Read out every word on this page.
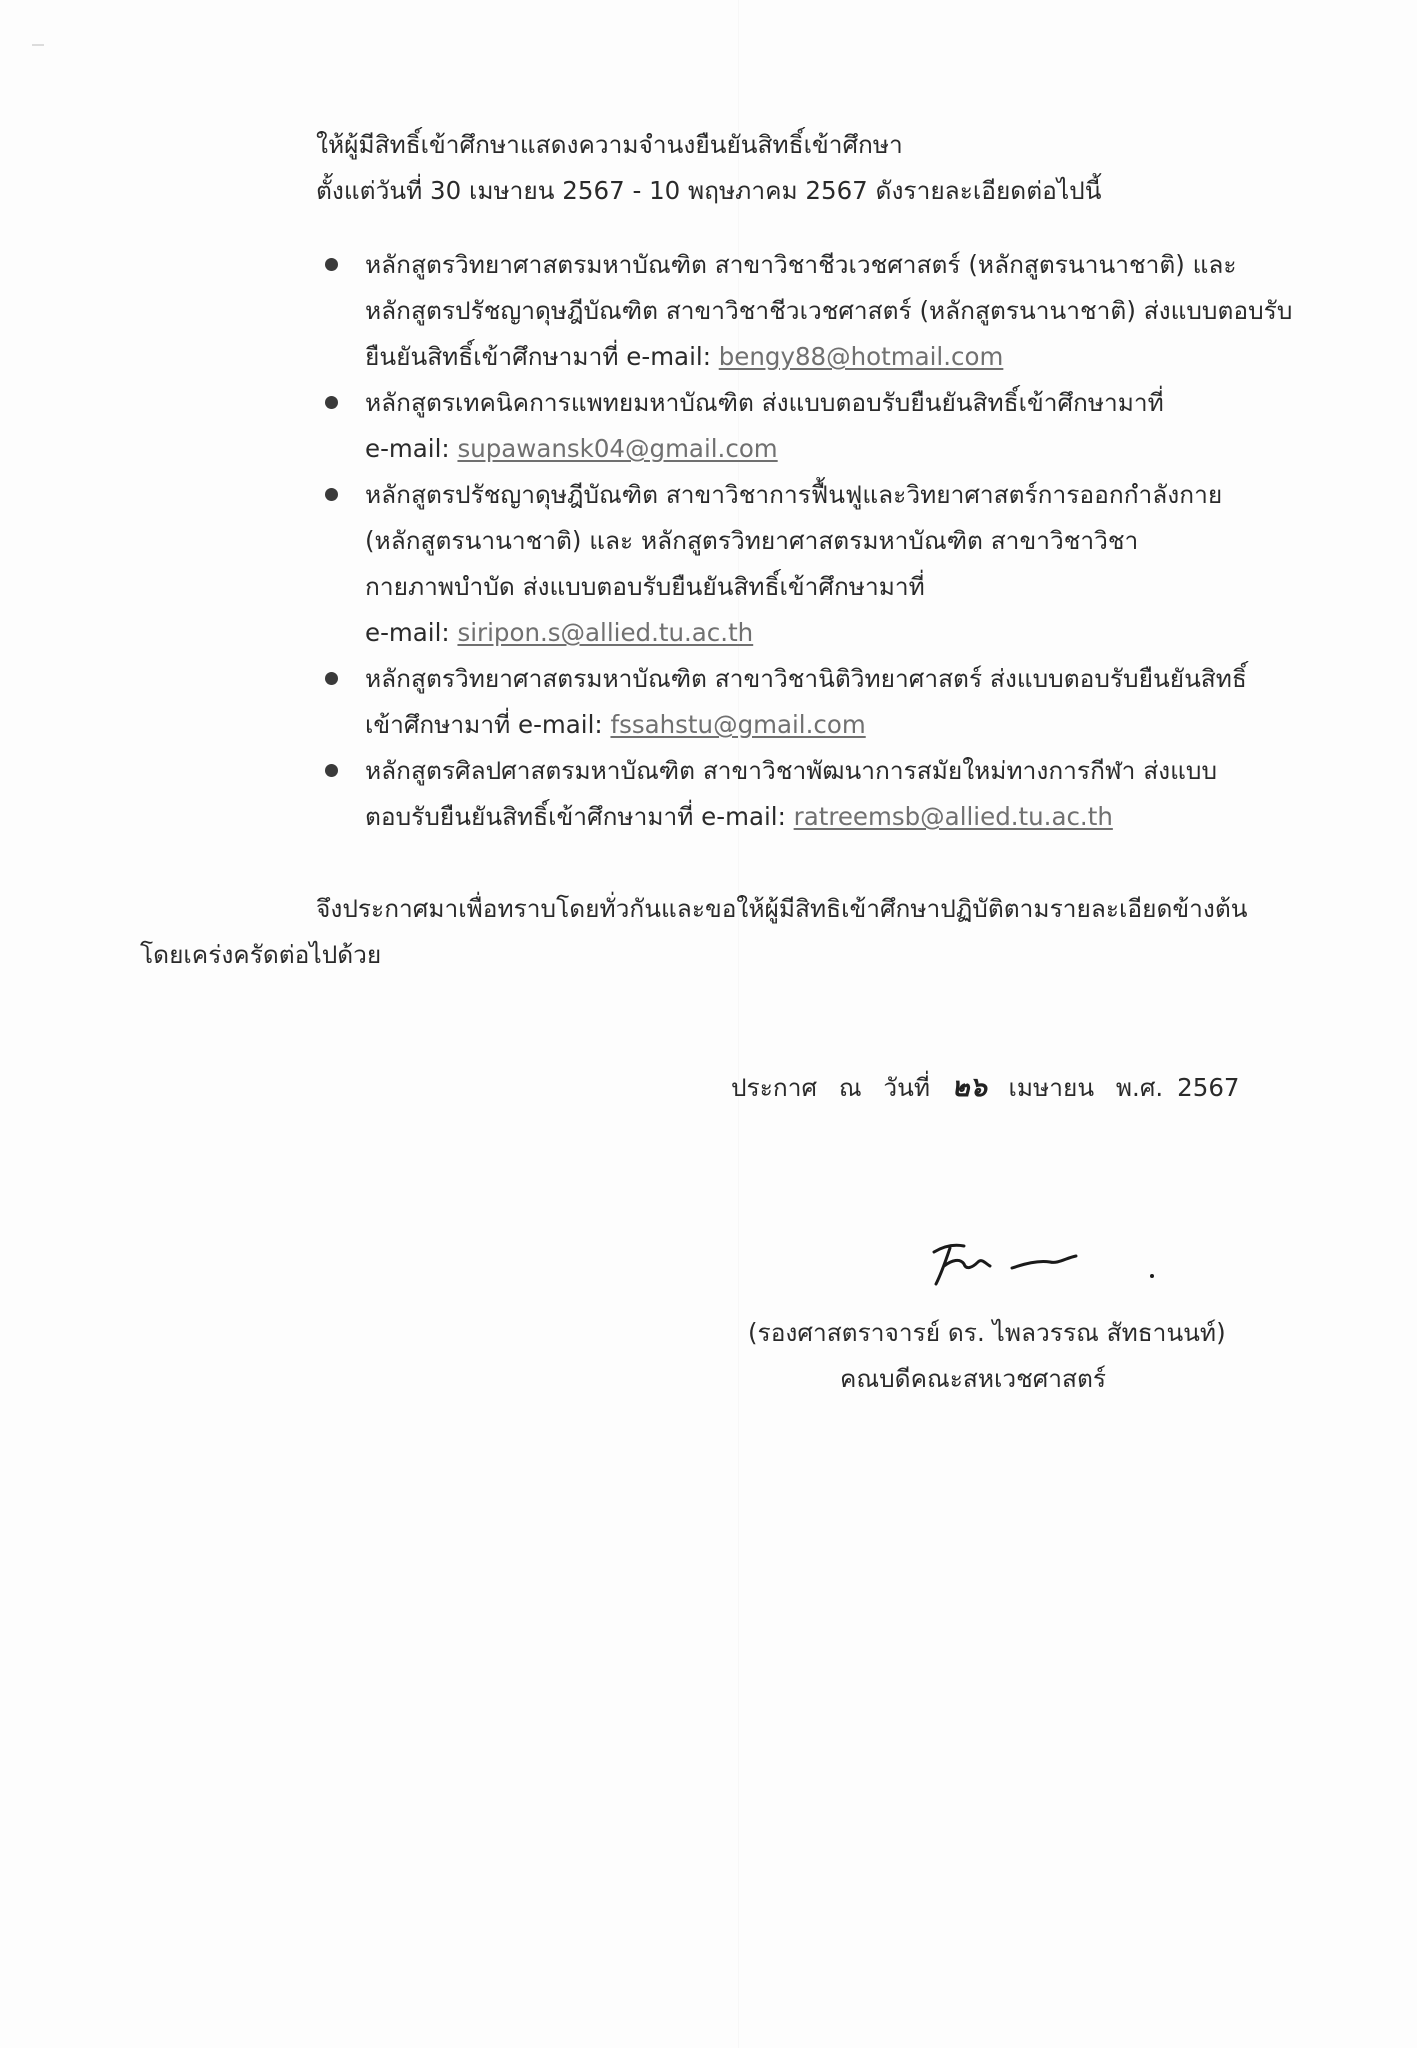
ให้ผู้มีสิทธิ์เข้าศึกษาแสดงความจำนงยืนยันสิทธิ์เข้าศึกษา

ตั้งแต่วันที่ 30 เมษายน 2567 - 10 พฤษภาคม 2567 ดังรายละเอียดต่อไปนี้

หลักสูตรวิทยาศาสตรมหาบัณฑิต สาขาวิชาชีวเวชศาสตร์ (หลักสูตรนานาชาติ) และ
หลักสูตรปรัชญาดุษฎีบัณฑิต สาขาวิชาชีวเวชศาสตร์ (หลักสูตรนานาชาติ) ส่งแบบตอบรับ
ยืนยันสิทธิ์เข้าศึกษามาที่ e-mail: bengy88@hotmail.com
หลักสูตรเทคนิคการแพทยมหาบัณฑิต ส่งแบบตอบรับยืนยันสิทธิ์เข้าศึกษามาที่
e-mail: supawansk04@gmail.com
หลักสูตรปรัชญาดุษฎีบัณฑิต สาขาวิชาการฟื้นฟูและวิทยาศาสตร์การออกกำลังกาย
(หลักสูตรนานาชาติ) และ หลักสูตรวิทยาศาสตรมหาบัณฑิต สาขาวิชาวิชา
กายภาพบำบัด ส่งแบบตอบรับยืนยันสิทธิ์เข้าศึกษามาที่
e-mail: siripon.s@allied.tu.ac.th
หลักสูตรวิทยาศาสตรมหาบัณฑิต สาขาวิชานิติวิทยาศาสตร์ ส่งแบบตอบรับยืนยันสิทธิ์
เข้าศึกษามาที่ e-mail: fssahstu@gmail.com
หลักสูตรศิลปศาสตรมหาบัณฑิต สาขาวิชาพัฒนาการสมัยใหม่ทางการกีฬา ส่งแบบ
ตอบรับยืนยันสิทธิ์เข้าศึกษามาที่ e-mail: ratreemsb@allied.tu.ac.th
จึงประกาศมาเพื่อทราบโดยทั่วกันและขอให้ผู้มีสิทธิเข้าศึกษาปฏิบัติตามรายละเอียดข้างต้น
โดยเคร่งครัดต่อไปด้วย
ประกาศ ณ วันที่ ๒๖ เมษายน พ.ศ. 2567
(รองศาสตราจารย์ ดร. ไพลวรรณ สัทธานนท์)
คณบดีคณะสหเวชศาสตร์
